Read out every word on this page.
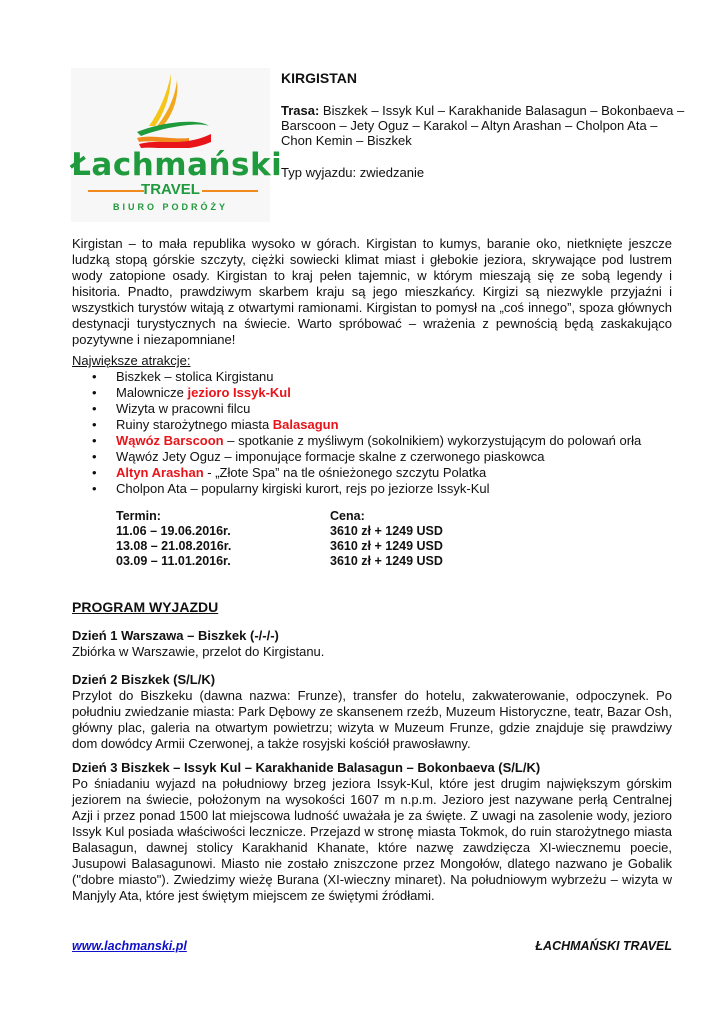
Łachmański
TRAVEL
BIURO PODRÓŻY
KIRGISTAN
Trasa: Biszkek – Issyk Kul – Karakhanide Balasagun – Bokonbaeva – Barscoon – Jety Oguz – Karakol – Altyn Arashan – Cholpon Ata – Chon Kemin – Biszkek
Typ wyjazdu: zwiedzanie

Kirgistan – to mała republika wysoko w górach. Kirgistan to kumys, baranie oko, nietknięte jeszcze ludzką stopą górskie szczyty, ciężki sowiecki klimat miast i głebokie jeziora, skrywające pod lustrem wody zatopione osady. Kirgistan to kraj pełen tajemnic, w którym mieszają się ze sobą legendy i hisitoria. Pnadto, prawdziwym skarbem kraju są jego mieszkańcy. Kirgizi są niezwykle przyjaźni i wszystkich turystów witają z otwartymi ramionami. Kirgistan to pomysł na „coś innego”, spoza głównych destynacji turystycznych na świecie. Warto spróbować – wrażenia z pewnością będą zaskakująco pozytywne i niezapomniane!

Największe atrakcje:
• Biszkek – stolica Kirgistanu
• Malownicze jezioro Issyk-Kul
• Wizyta w pracowni filcu
• Ruiny starożytnego miasta Balasagun
• Wąwóz Barscoon – spotkanie z myśliwym (sokolnikiem) wykorzystującym do polowań orła
• Wąwóz Jety Oguz – imponujące formacje skalne z czerwonego piaskowca
• Altyn Arashan - „Złote Spa” na tle ośnieżonego szczytu Polatka
• Cholpon Ata – popularny kirgiski kurort, rejs po jeziorze Issyk-Kul
Termin:	Cena:
11.06 – 19.06.2016r.	3610 zł + 1249 USD
13.08 – 21.08.2016r.	3610 zł + 1249 USD
03.09 – 11.01.2016r.	3610 zł + 1249 USD
PROGRAM WYJAZDU
Dzień 1 Warszawa – Biszkek (-/-/-)

Zbiórka w Warszawie, przelot do Kirgistanu.

Dzień 2 Biszkek (S/L/K)

Przylot do Biszkeku (dawna nazwa: Frunze), transfer do hotelu, zakwaterowanie, odpoczynek. Po południu zwiedzanie miasta: Park Dębowy ze skansenem rzeźb, Muzeum Historyczne, teatr, Bazar Osh, główny plac, galeria na otwartym powietrzu; wizyta w Muzeum Frunze, gdzie znajduje się prawdziwy dom dowódcy Armii Czerwonej, a także rosyjski kościół prawosławny.

Dzień 3 Biszkek – Issyk Kul – Karakhanide Balasagun – Bokonbaeva (S/L/K)

Po śniadaniu wyjazd na południowy brzeg jeziora Issyk-Kul, które jest drugim największym górskim jeziorem na świecie, położonym na wysokości 1607 m n.p.m. Jezioro jest nazywane perłą Centralnej Azji i przez ponad 1500 lat miejscowa ludność uważała je za święte. Z uwagi na zasolenie wody, jezioro Issyk Kul posiada właściwości lecznicze. Przejazd w stronę miasta Tokmok, do ruin starożytnego miasta Balasagun, dawnej stolicy Karakhanid Khanate, które nazwę zawdzięcza XI-wiecznemu poecie, Jusupowi Balasagunowi. Miasto nie zostało zniszczone przez Mongołów, dlatego nazwano je Gobalik ("dobre miasto"). Zwiedzimy wieżę Burana (XI-wieczny minaret). Na południowym wybrzeżu – wizyta w Manjyly Ata, które jest świętym miejscem ze świętymi źródłami.

www.lachmanski.pl	ŁACHMAŃSKI TRAVEL
